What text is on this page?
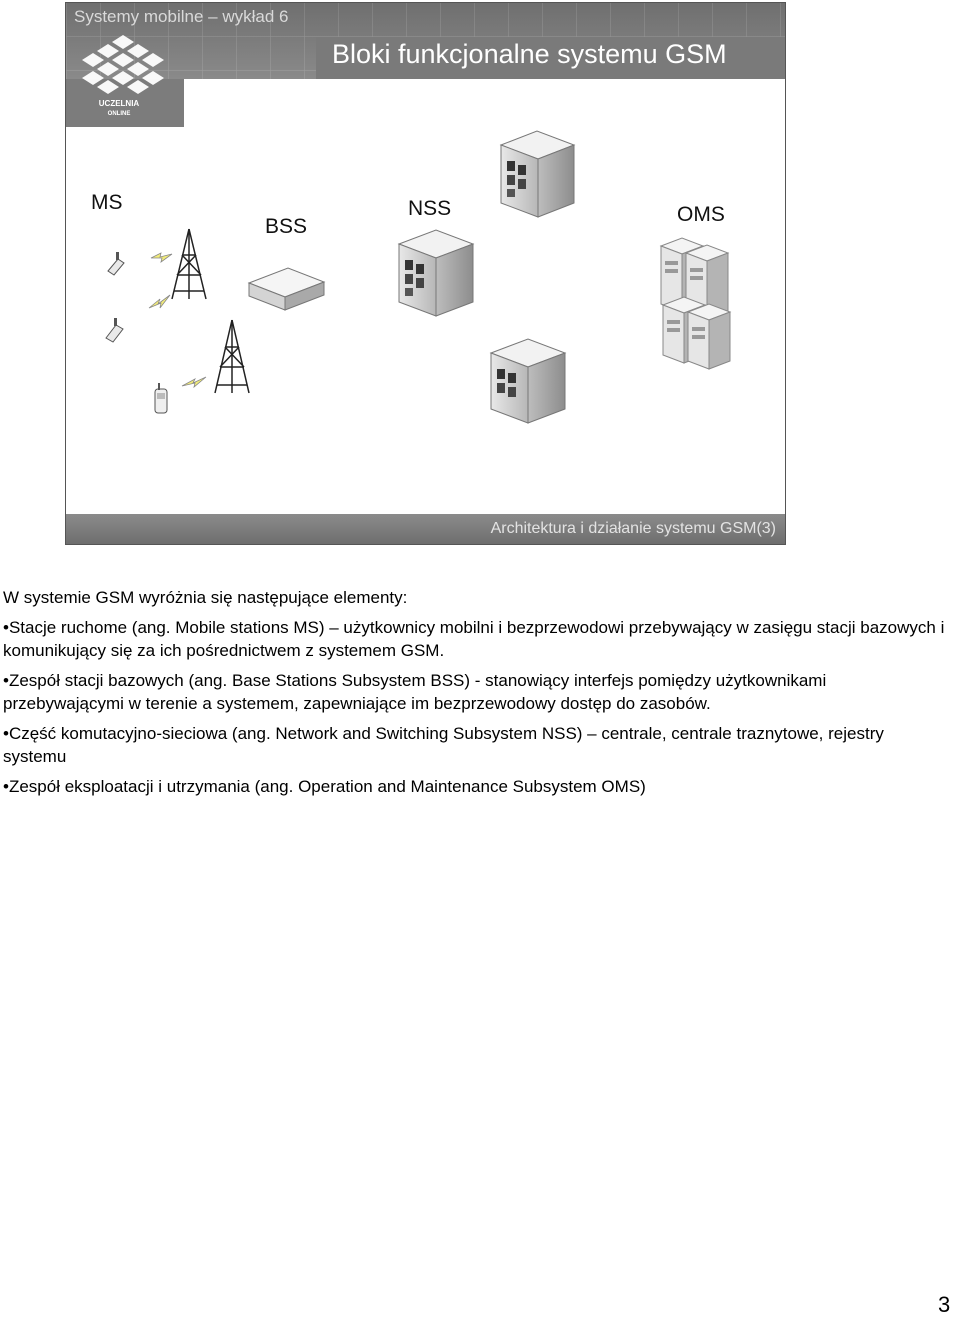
Systemy mobilne – wykład 6
Bloki funkcjonalne systemu GSM
UCZELNIA
ONLINE
MS
BSS
NSS	OMS
Architektura i działanie systemu GSM(3)

W systemie GSM wyróżnia się następujące elementy:

•Stacje ruchome (ang. Mobile stations MS) – użytkownicy mobilni i bezprzewodowi przebywający w zasięgu stacji bazowych i komunikujący się za ich pośrednictwem z systemem GSM.

•Zespół stacji bazowych (ang. Base Stations Subsystem BSS) - stanowiący interfejs pomiędzy użytkownikami przebywającymi w terenie a systemem, zapewniające im bezprzewodowy dostęp do zasobów.

•Część komutacyjno-sieciowa (ang. Network and Switching Subsystem NSS) – centrale, centrale traznytowe, rejestry systemu

•Zespół eksploatacji i utrzymania (ang. Operation and Maintenance Subsystem OMS)

3
